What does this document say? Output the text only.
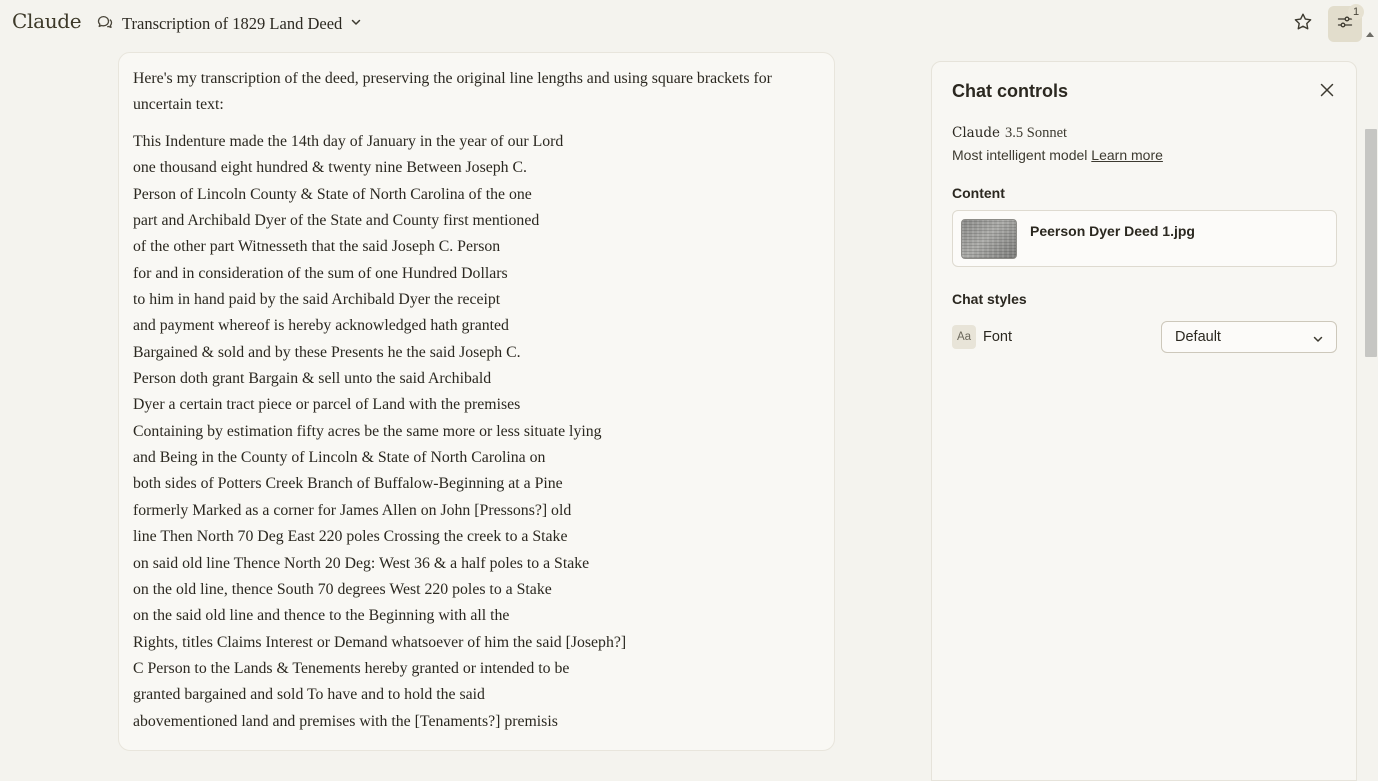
Claude Transcription of 1829 Land Deed
1

Here's my transcription of the deed, preserving the original line lengths and using square brackets for uncertain text:

This Indenture made the 14th day of January in the year of our Lord
one thousand eight hundred & twenty nine Between Joseph C.
Person of Lincoln County & State of North Carolina of the one
part and Archibald Dyer of the State and County first mentioned
of the other part Witnesseth that the said Joseph C. Person
for and in consideration of the sum of one Hundred Dollars
to him in hand paid by the said Archibald Dyer the receipt
and payment whereof is hereby acknowledged hath granted
Bargained & sold and by these Presents he the said Joseph C.
Person doth grant Bargain & sell unto the said Archibald
Dyer a certain tract piece or parcel of Land with the premises
Containing by estimation fifty acres be the same more or less situate lying
and Being in the County of Lincoln & State of North Carolina on
both sides of Potters Creek Branch of Buffalow-Beginning at a Pine
formerly Marked as a corner for James Allen on John [Pressons?] old
line Then North 70 Deg East 220 poles Crossing the creek to a Stake
on said old line Thence North 20 Deg: West 36 & a half poles to a Stake
on the old line, thence South 70 degrees West 220 poles to a Stake
on the said old line and thence to the Beginning with all the
Rights, titles Claims Interest or Demand whatsoever of him the said [Joseph?]
C Person to the Lands & Tenements hereby granted or intended to be
granted bargained and sold To have and to hold the said
abovementioned land and premises with the [Tenaments?] premisis
Chat controls
Claude 3.5 Sonnet
Most intelligent model Learn more
Content
Peerson Dyer Deed 1.jpg
Chat styles
Aa Font	Default
